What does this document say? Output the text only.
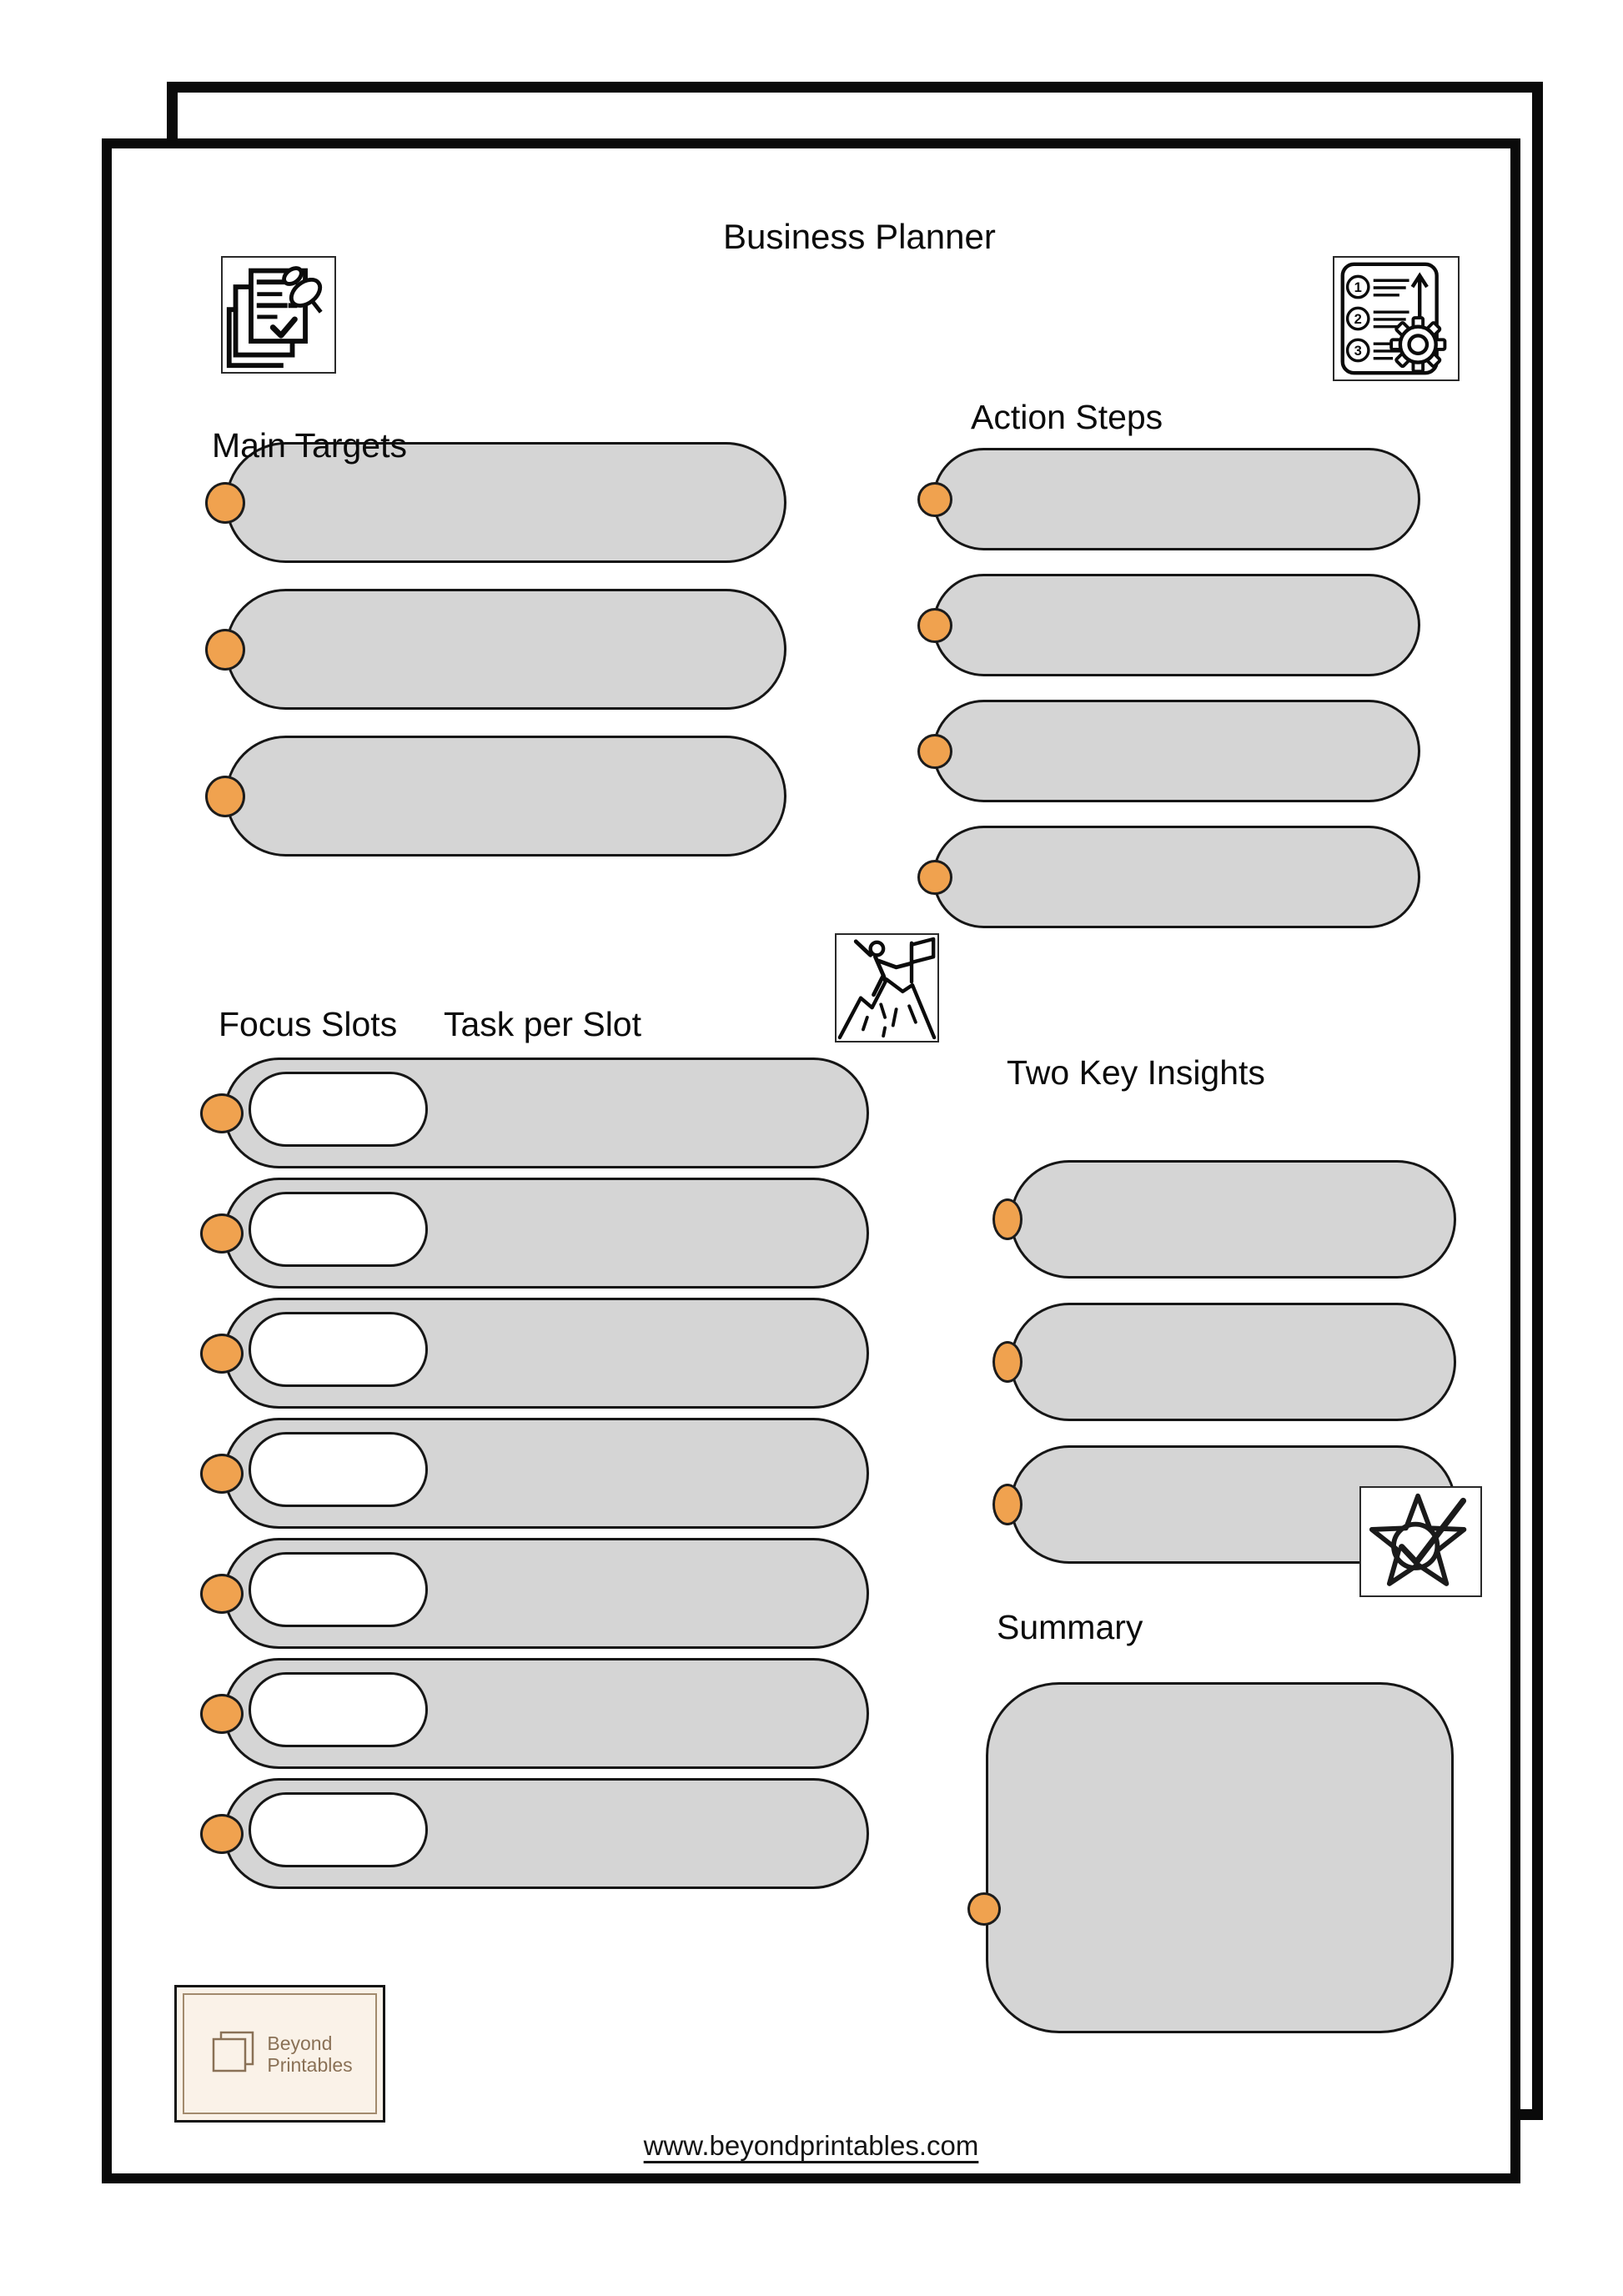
Business Planner
1
2
3
Main Targets
Action Steps
Focus Slots Task per Slot
Two Key Insights
Summary
Beyond
Printables
www.beyondprintables.com
